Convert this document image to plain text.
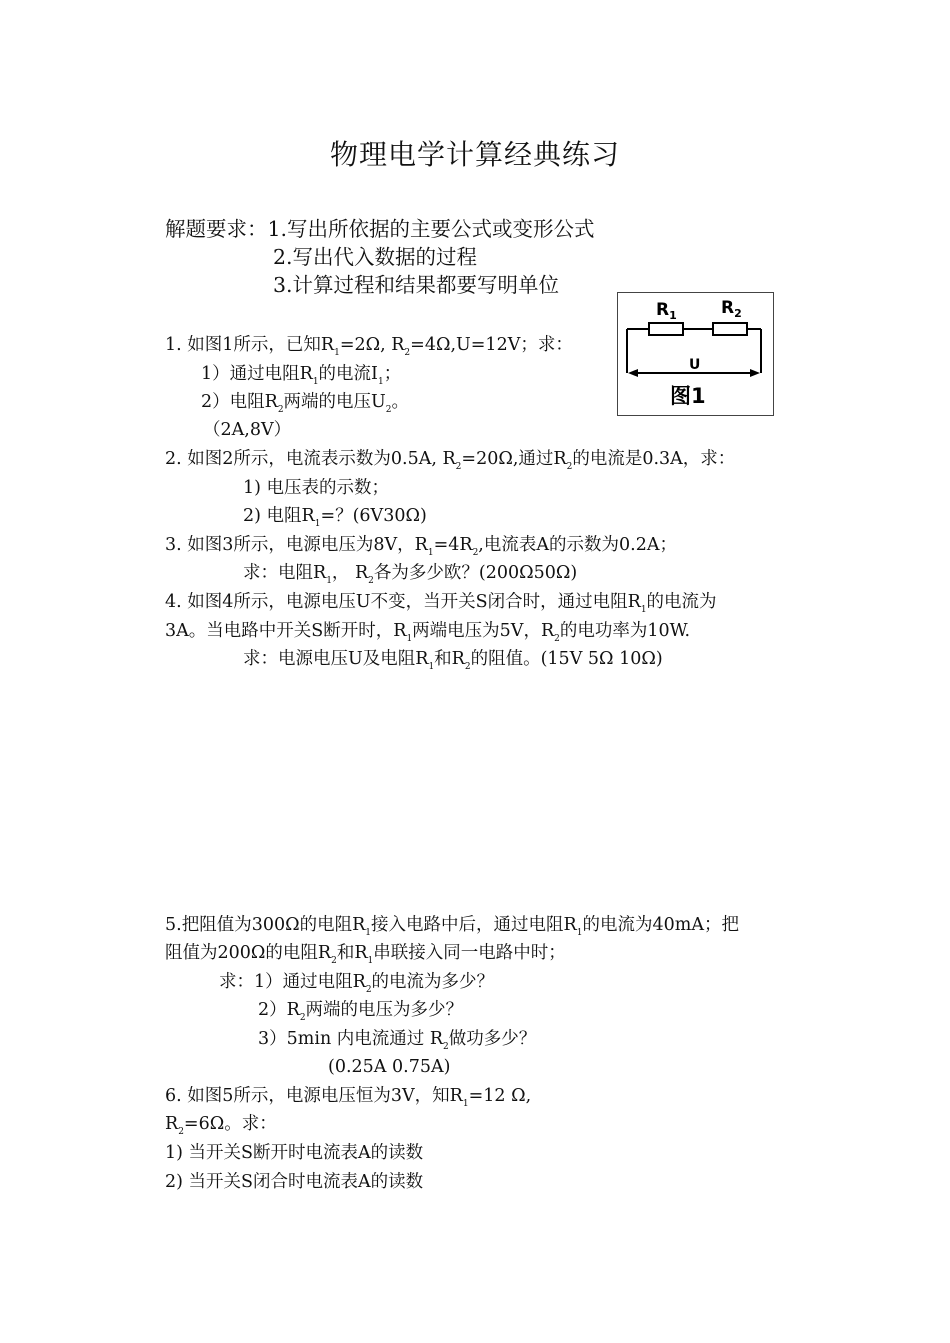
物理电学计算经典练习
解题要求：1.写出所依据的主要公式或变形公式
2.写出代入数据的过程
3.计算过程和结果都要写明单位
$R_1$	$R_2$
U
图1
1. 如图1所示，已知$R_1=2\Omega$, $R_2=4\Omega,U=12V$；求：
1）通过电阻$R_1$的电流$I_1$；
2）电阻$R_2$两端的电压$U_2$。
（2A,8V）
2. 如图2所示，电流表示数为0.5A, $R_2=20\Omega$,通过$R_2$的电流是0.3A，求：
1) 电压表的示数；
2) 电阻$R_1=$？(6V30Ω)
3. 如图3所示，电源电压为8V，$R_1=4R_2$,电流表A的示数为0.2A；
求：电阻$R_1$， $R_2$各为多少欧？(200Ω50Ω)
4. 如图4所示，电源电压U不变，当开关S闭合时，通过电阻$R_1$的电流为
3A。当电路中开关S断开时，$R_1$两端电压为5V，$R_2$的电功率为10W.
求：电源电压U及电阻$R_1$和$R_2$的阻值。(15V 5Ω 10Ω)
5.把阻值为300Ω的电阻$R_1$接入电路中后，通过电阻$R_1$的电流为40mA；把
阻值为200Ω的电阻$R_2$和$R_1$串联接入同一电路中时；
求：1）通过电阻$R_2$的电流为多少？
$2)R_2$两端的电压为多少？
3）5min 内电流通过 $R_2$做功多少？
(0.25A 0.75A)
6. 如图5所示，电源电压恒为3V，知$R_1=12$ Ω,
$R_2=6\Omega$。求：
1) 当开关S断开时电流表A的读数
2) 当开关S闭合时电流表A的读数
